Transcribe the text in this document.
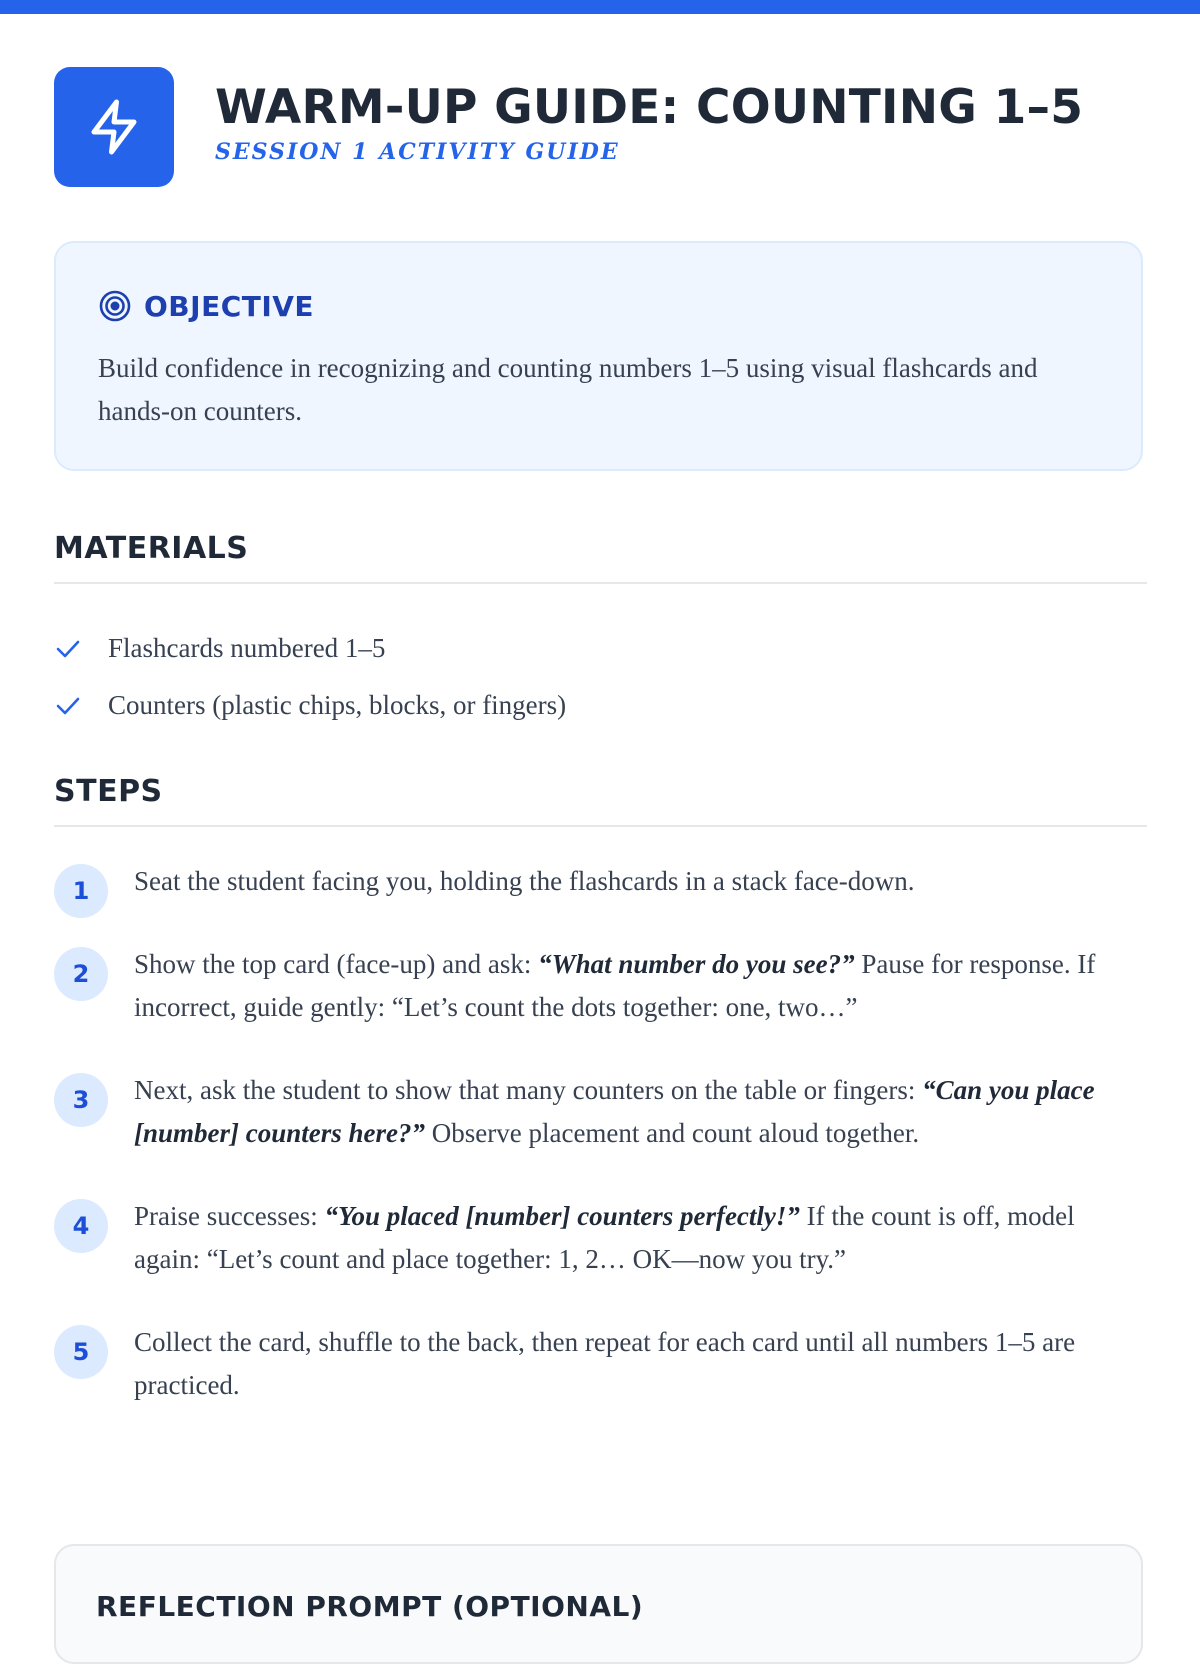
WARM-UP GUIDE: COUNTING 1–5
SESSION 1 ACTIVITY GUIDE
OBJECTIVE
Build confidence in recognizing and counting numbers 1–5 using visual flashcards and hands-on counters.
MATERIALS
Flashcards numbered 1–5
Counters (plastic chips, blocks, or fingers)
STEPS
1	Seat the student facing you, holding the flashcards in a stack face-down.
2	Show the top card (face-up) and ask: “What number do you see?” Pause for response. If incorrect, guide gently: “Let’s count the dots together: one, two…”
3	Next, ask the student to show that many counters on the table or fingers: “Can you place [number] counters here?” Observe placement and count aloud together.
4	Praise successes: “You placed [number] counters perfectly!” If the count is off, model again: “Let’s count and place together: 1, 2… OK—now you try.”
5	Collect the card, shuffle to the back, then repeat for each card until all numbers 1–5 are practiced.
REFLECTION PROMPT (OPTIONAL)
